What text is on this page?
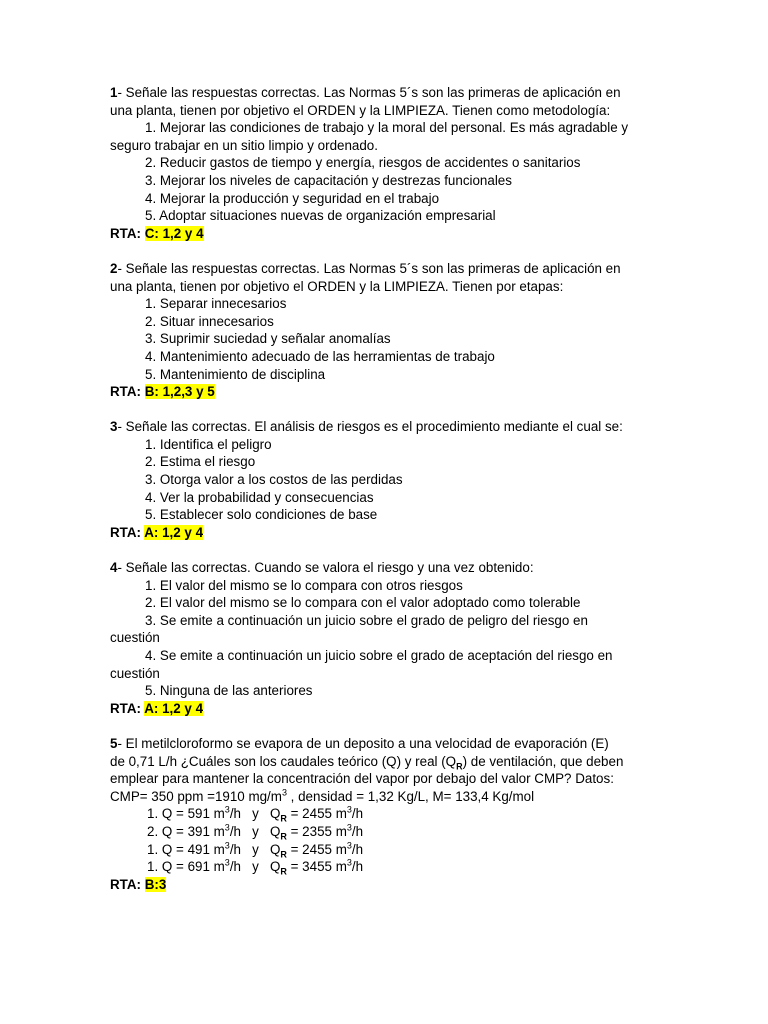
1- Señale las respuestas correctas. Las Normas 5´s son las primeras de aplicación en
una planta, tienen por objetivo el ORDEN y la LIMPIEZA. Tienen como metodología:
1. Mejorar las condiciones de trabajo y la moral del personal. Es más agradable y
seguro trabajar en un sitio limpio y ordenado.
2. Reducir gastos de tiempo y energía, riesgos de accidentes o sanitarios
3. Mejorar los niveles de capacitación y destrezas funcionales
4. Mejorar la producción y seguridad en el trabajo
5. Adoptar situaciones nuevas de organización empresarial
RTA: C: 1,2 y 4
2- Señale las respuestas correctas. Las Normas 5´s son las primeras de aplicación en
una planta, tienen por objetivo el ORDEN y la LIMPIEZA. Tienen por etapas:
1. Separar innecesarios
2. Situar innecesarios
3. Suprimir suciedad y señalar anomalías
4. Mantenimiento adecuado de las herramientas de trabajo
5. Mantenimiento de disciplina
RTA: B: 1,2,3 y 5
3- Señale las correctas. El análisis de riesgos es el procedimiento mediante el cual se:
1. Identifica el peligro
2. Estima el riesgo
3. Otorga valor a los costos de las perdidas
4. Ver la probabilidad y consecuencias
5. Establecer solo condiciones de base
RTA: A: 1,2 y 4
4- Señale las correctas. Cuando se valora el riesgo y una vez obtenido:
1. El valor del mismo se lo compara con otros riesgos
2. El valor del mismo se lo compara con el valor adoptado como tolerable
3. Se emite a continuación un juicio sobre el grado de peligro del riesgo en
cuestión
4. Se emite a continuación un juicio sobre el grado de aceptación del riesgo en
cuestión
5. Ninguna de las anteriores
RTA: A: 1,2 y 4
5- El metilcloroformo se evapora de un deposito a una velocidad de evaporación (E)
de 0,71 L/h ¿Cuáles son los caudales teórico (Q) y real $(Q_R)$ de ventilación, que deben
emplear para mantener la concentración del vapor por debajo del valor CMP? Datos:
CMP= 350 ppm =1910 $mg/m^3$ , densidad = 1,32 Kg/L, M= 133,4 Kg/mol
1. Q = 591 $m^3/h$   y   $Q_R = 2455$ $m^3/h$
2. Q = 391 $m^3/h$   y   $Q_R = 2355$ $m^3/h$
1. Q = 491 $m^3/h$   y   $Q_R = 2455$ $m^3/h$
1. Q = 691 $m^3/h$   y   $Q_R = 3455$ $m^3/h$
RTA: B:3
